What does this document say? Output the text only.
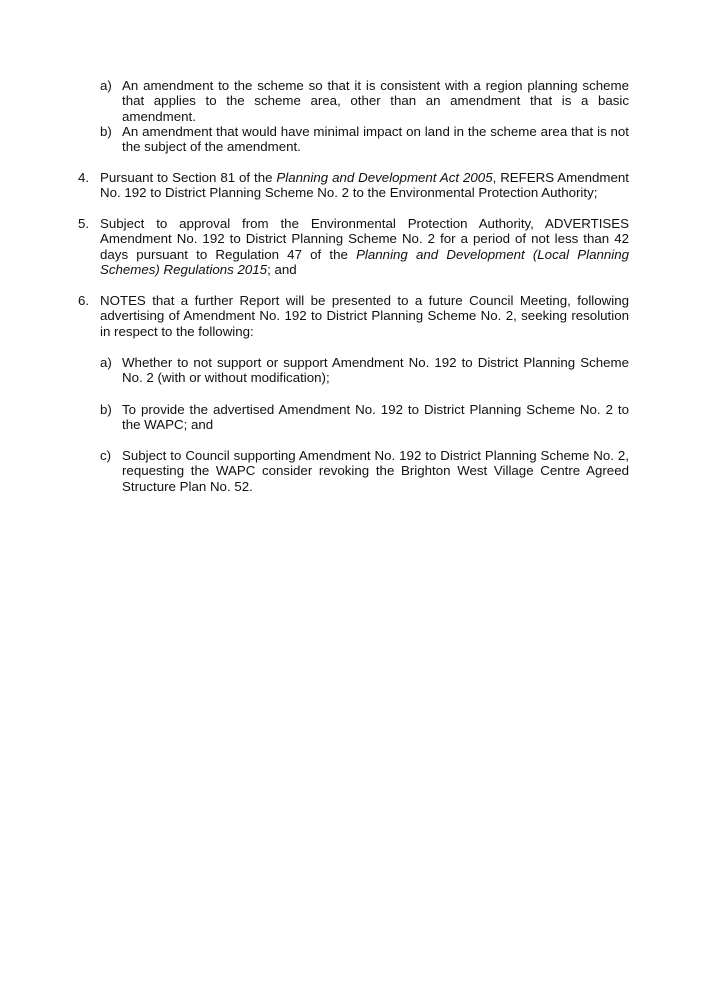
a) An amendment to the scheme so that it is consistent with a region planning scheme that applies to the scheme area, other than an amendment that is a basic amendment.
b) An amendment that would have minimal impact on land in the scheme area that is not the subject of the amendment.
4. Pursuant to Section 81 of the Planning and Development Act 2005, REFERS Amendment No. 192 to District Planning Scheme No. 2 to the Environmental Protection Authority;
5. Subject to approval from the Environmental Protection Authority, ADVERTISES Amendment No. 192 to District Planning Scheme No. 2 for a period of not less than 42 days pursuant to Regulation 47 of the Planning and Development (Local Planning Schemes) Regulations 2015; and
6. NOTES that a further Report will be presented to a future Council Meeting, following advertising of Amendment No. 192 to District Planning Scheme No. 2, seeking resolution in respect to the following:
a) Whether to not support or support Amendment No. 192 to District Planning Scheme No. 2 (with or without modification);
b) To provide the advertised Amendment No. 192 to District Planning Scheme No. 2 to the WAPC; and
c) Subject to Council supporting Amendment No. 192 to District Planning Scheme No. 2, requesting the WAPC consider revoking the Brighton West Village Centre Agreed Structure Plan No. 52.
